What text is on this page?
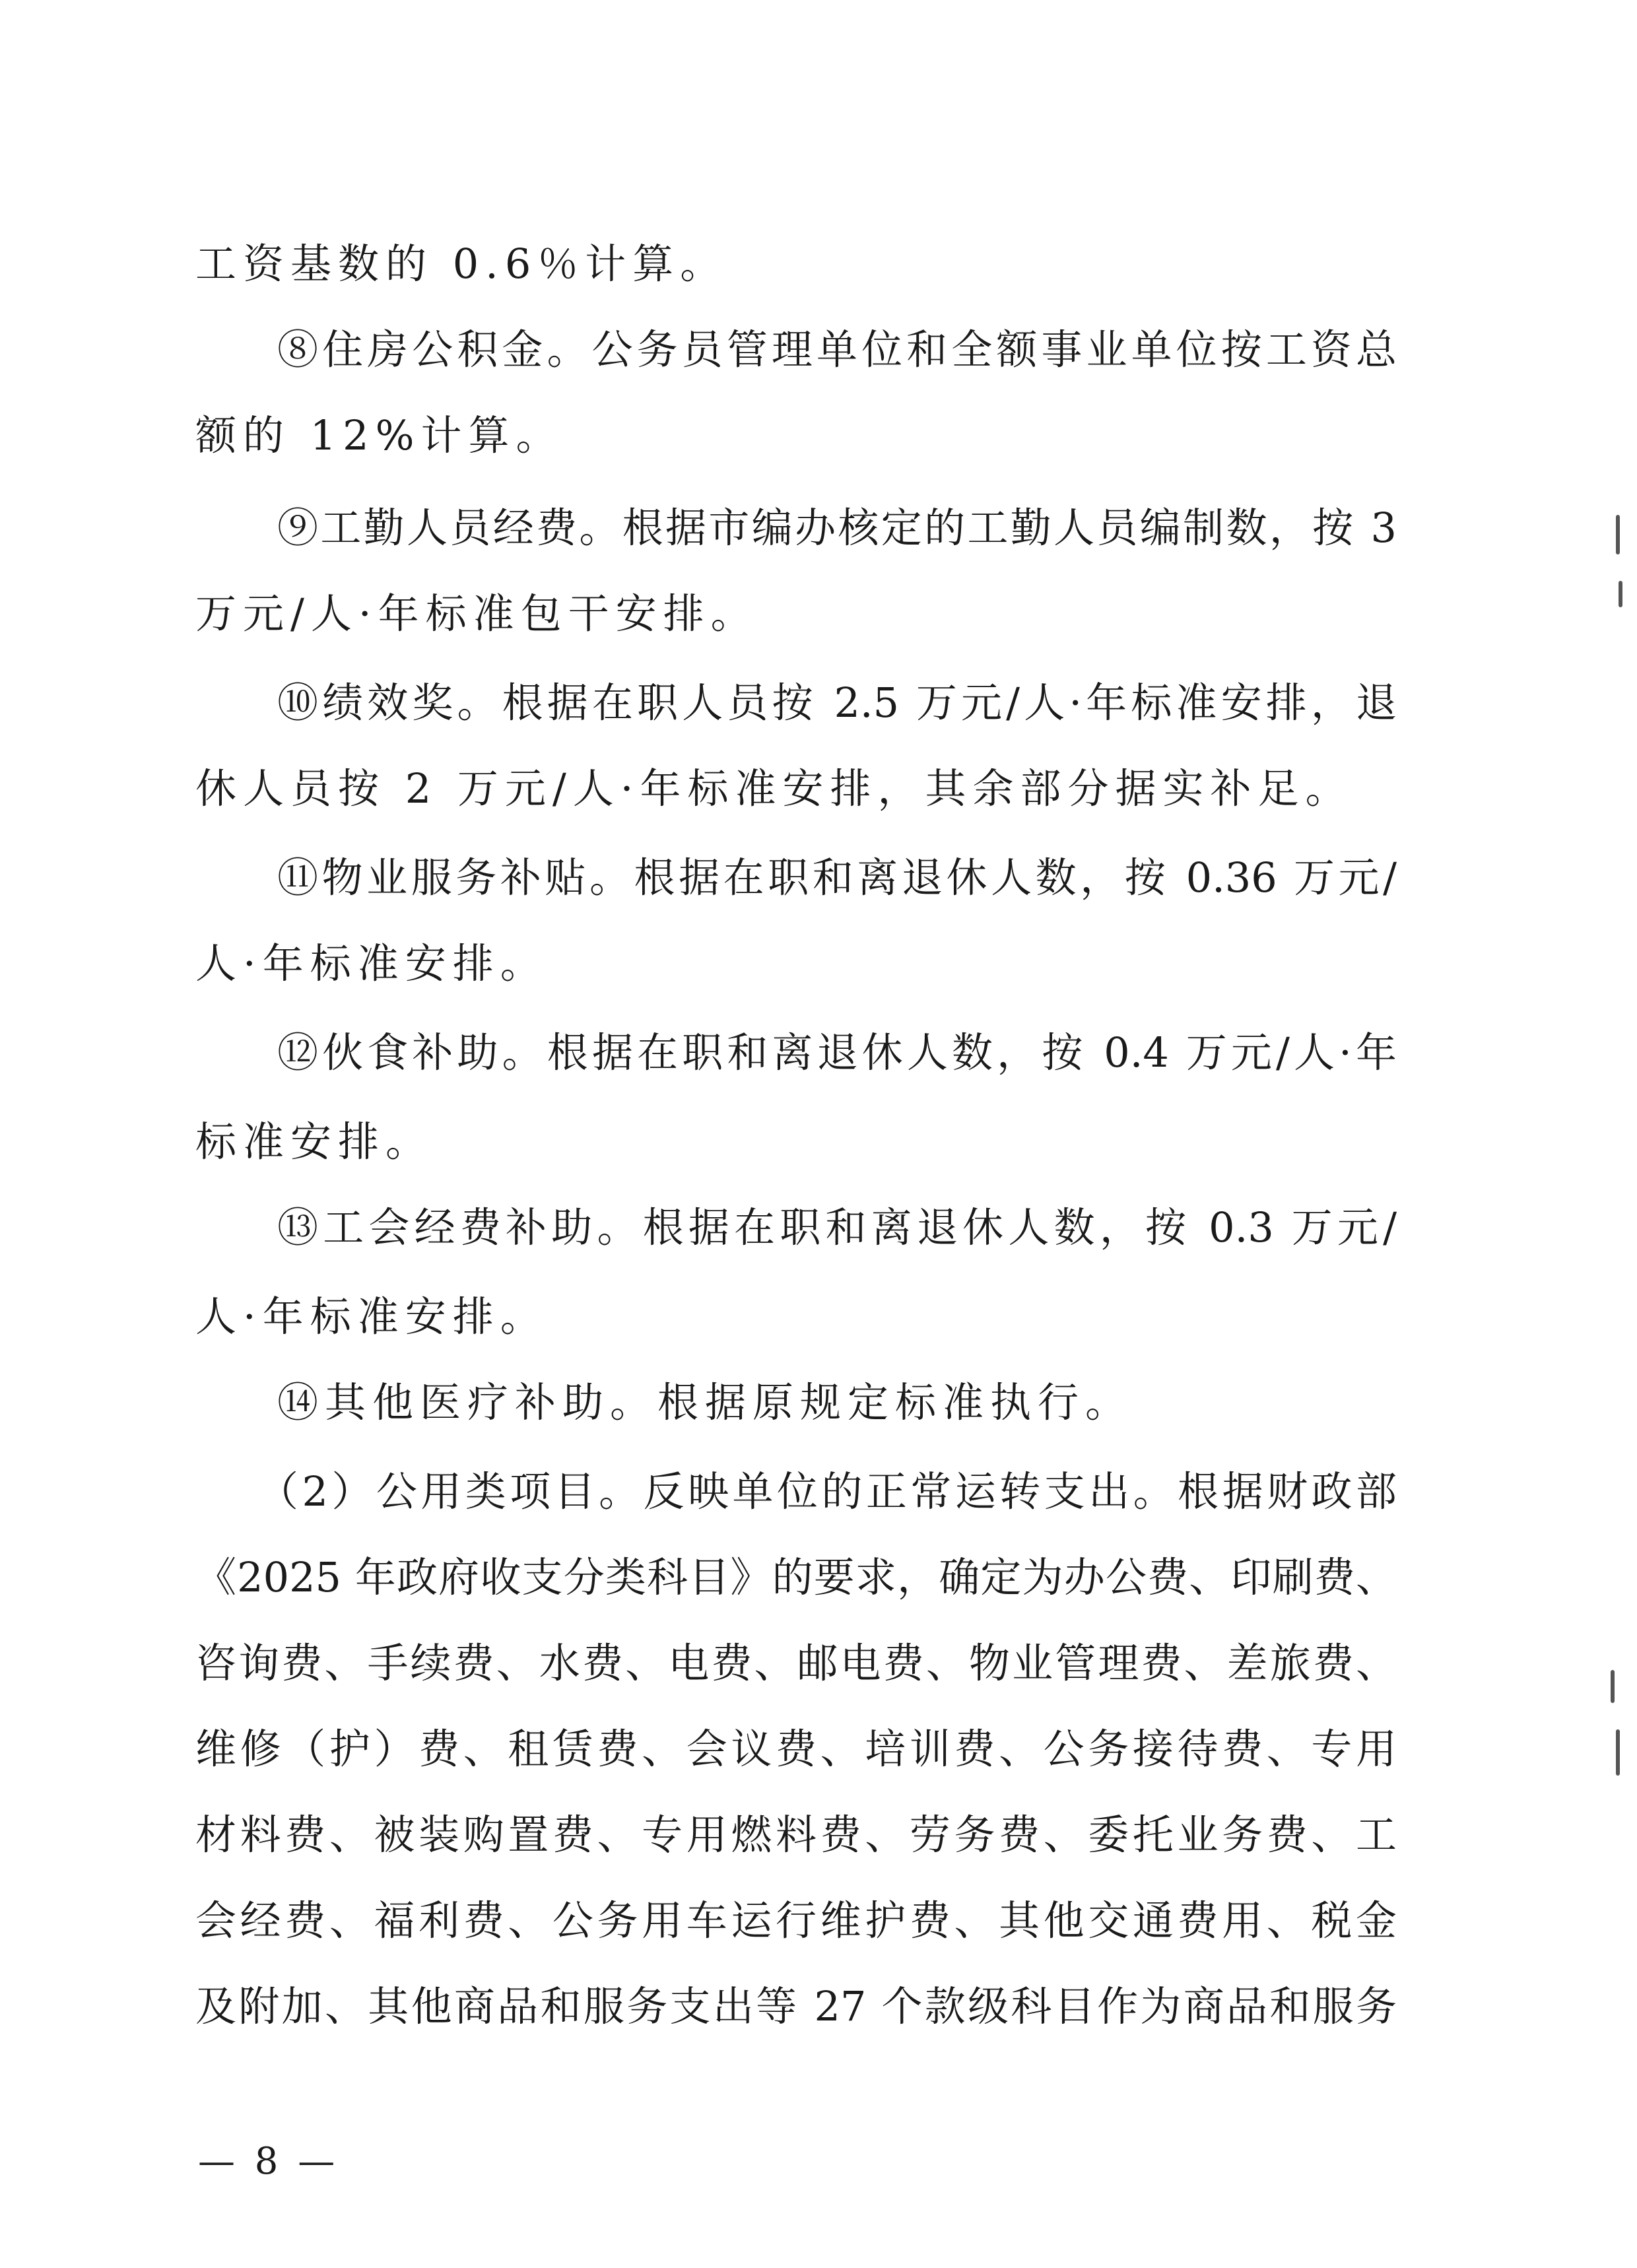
工资基数的 0.6％计算。
⑧住房公积金。公务员管理单位和全额事业单位按工资总
额的 12%计算。
⑨工勤人员经费。根据市编办核定的工勤人员编制数，按 3
万元/人·年标准包干安排。
⑩绩效奖。根据在职人员按 2.5 万元/人·年标准安排，退
休人员按 2 万元/人·年标准安排，其余部分据实补足。
⑪物业服务补贴。根据在职和离退休人数，按 0.36 万元/
人·年标准安排。
⑫伙食补助。根据在职和离退休人数，按 0.4 万元/人·年
标准安排。
⑬工会经费补助。根据在职和离退休人数，按 0.3 万元/
人·年标准安排。
⑭其他医疗补助。根据原规定标准执行。
（2）公用类项目。反映单位的正常运转支出。根据财政部
《2025 年政府收支分类科目》的要求，确定为办公费、印刷费、
咨询费、手续费、水费、电费、邮电费、物业管理费、差旅费、
维修（护）费、租赁费、会议费、培训费、公务接待费、专用
材料费、被装购置费、专用燃料费、劳务费、委托业务费、工
会经费、福利费、公务用车运行维护费、其他交通费用、税金
及附加、其他商品和服务支出等 27 个款级科目作为商品和服务
— 8 —
